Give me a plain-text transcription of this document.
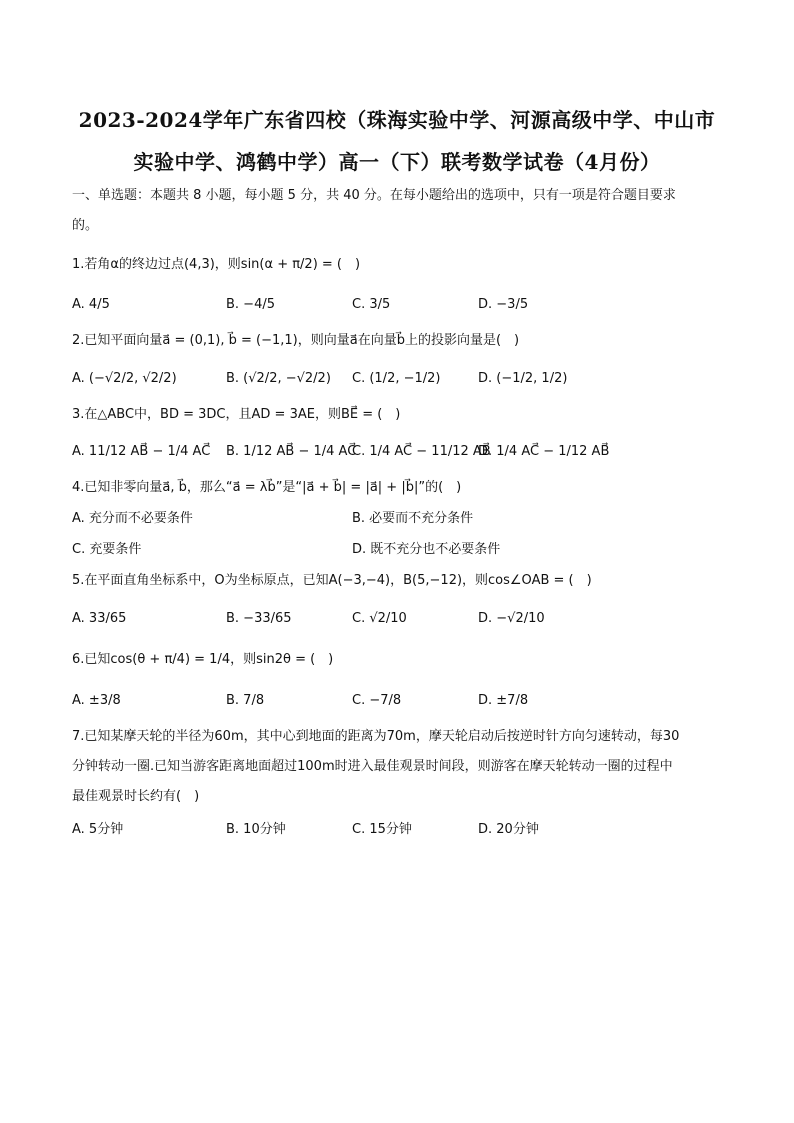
2023-2024学年广东省四校（珠海实验中学、河源高级中学、中山市
实验中学、鸿鹤中学）高一（下）联考数学试卷（4月份）
一、单选题：本题共 8 小题，每小题 5 分，共 40 分。在每小题给出的选项中，只有一项是符合题目要求
的。
1.若角α的终边过点(4,3)，则sin(α + π/2) = (　)
A. 4/5	B. −4/5	C. 3/5	D. −3/5
2.已知平面向量a⃗ = (0,1), b⃗ = (−1,1)，则向量a⃗在向量b⃗上的投影向量是(　)
A. (−√2/2, √2/2)	B. (√2/2, −√2/2) C. (1/2, −1/2)	D. (−1/2, 1/2)
3.在△ABC中，BD = 3DC，且AD = 3AE，则BE⃗ = (　)
A. 11/12 AB⃗ − 1/4 AC⃗ B. 1/12 AB⃗ − 1/4 AC⃗
C. 1/4 AC⃗ − 11/12 AB⃗
D. 1/4 AC⃗ − 1/12 AB⃗
4.已知非零向量a⃗, b⃗，那么“a⃗ = λb⃗”是“|a⃗ + b⃗| = |a⃗| + |b⃗|”的(　)
A. 充分而不必要条件	B. 必要而不充分条件
C. 充要条件	D. 既不充分也不必要条件
5.在平面直角坐标系中，O为坐标原点，已知A(−3,−4)，B(5,−12)，则cos∠OAB = (　)
A. 33/65	B. −33/65	C. √2/10	D. −√2/10
6.已知cos(θ + π/4) = 1/4，则sin2θ = (　)
A. ±3/8	B. 7/8	C. −7/8	D. ±7/8
7.已知某摩天轮的半径为60m，其中心到地面的距离为70m，摩天轮启动后按逆时针方向匀速转动，每30
分钟转动一圈.已知当游客距离地面超过100m时进入最佳观景时间段，则游客在摩天轮转动一圈的过程中
最佳观景时长约有(　)
A. 5分钟	B. 10分钟	C. 15分钟	D. 20分钟
